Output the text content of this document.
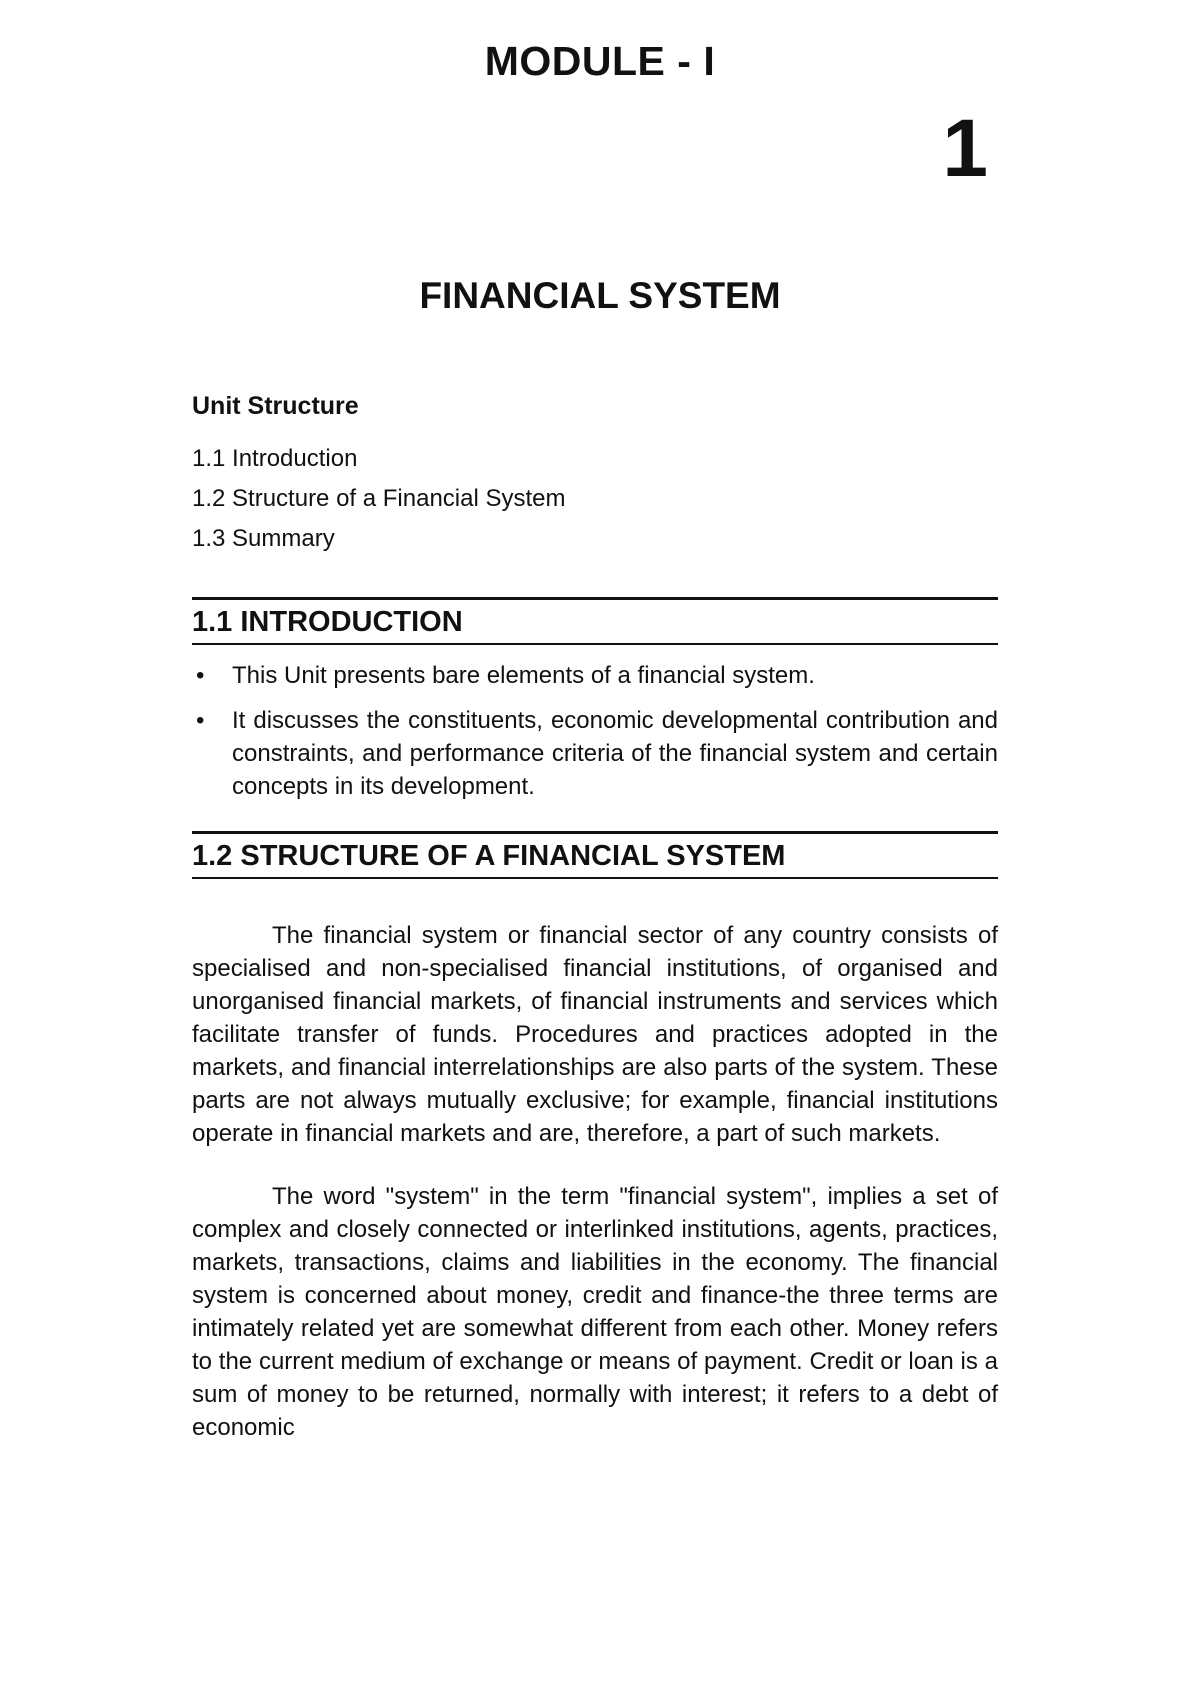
MODULE - I
1
FINANCIAL SYSTEM

Unit Structure

1.1 Introduction
1.2 Structure of a Financial System
1.3 Summary
1.1 INTRODUCTION
• This Unit presents bare elements of a financial system.
• It discusses the constituents, economic developmental contribution and constraints, and performance criteria of the financial system and certain concepts in its development.
1.2 STRUCTURE OF A FINANCIAL SYSTEM

The financial system or financial sector of any country consists of specialised and non-specialised financial institutions, of organised and unorganised financial markets, of financial instruments and services which facilitate transfer of funds. Procedures and practices adopted in the markets, and financial interrelationships are also parts of the system. These parts are not always mutually exclusive; for example, financial institutions operate in financial markets and are, therefore, a part of such markets.

The word "system" in the term "financial system", implies a set of complex and closely connected or interlinked institutions, agents, practices, markets, transactions, claims and liabilities in the economy. The financial system is concerned about money, credit and finance-the three terms are intimately related yet are somewhat different from each other. Money refers to the current medium of exchange or means of payment. Credit or loan is a sum of money to be returned, normally with interest; it refers to a debt of economic
